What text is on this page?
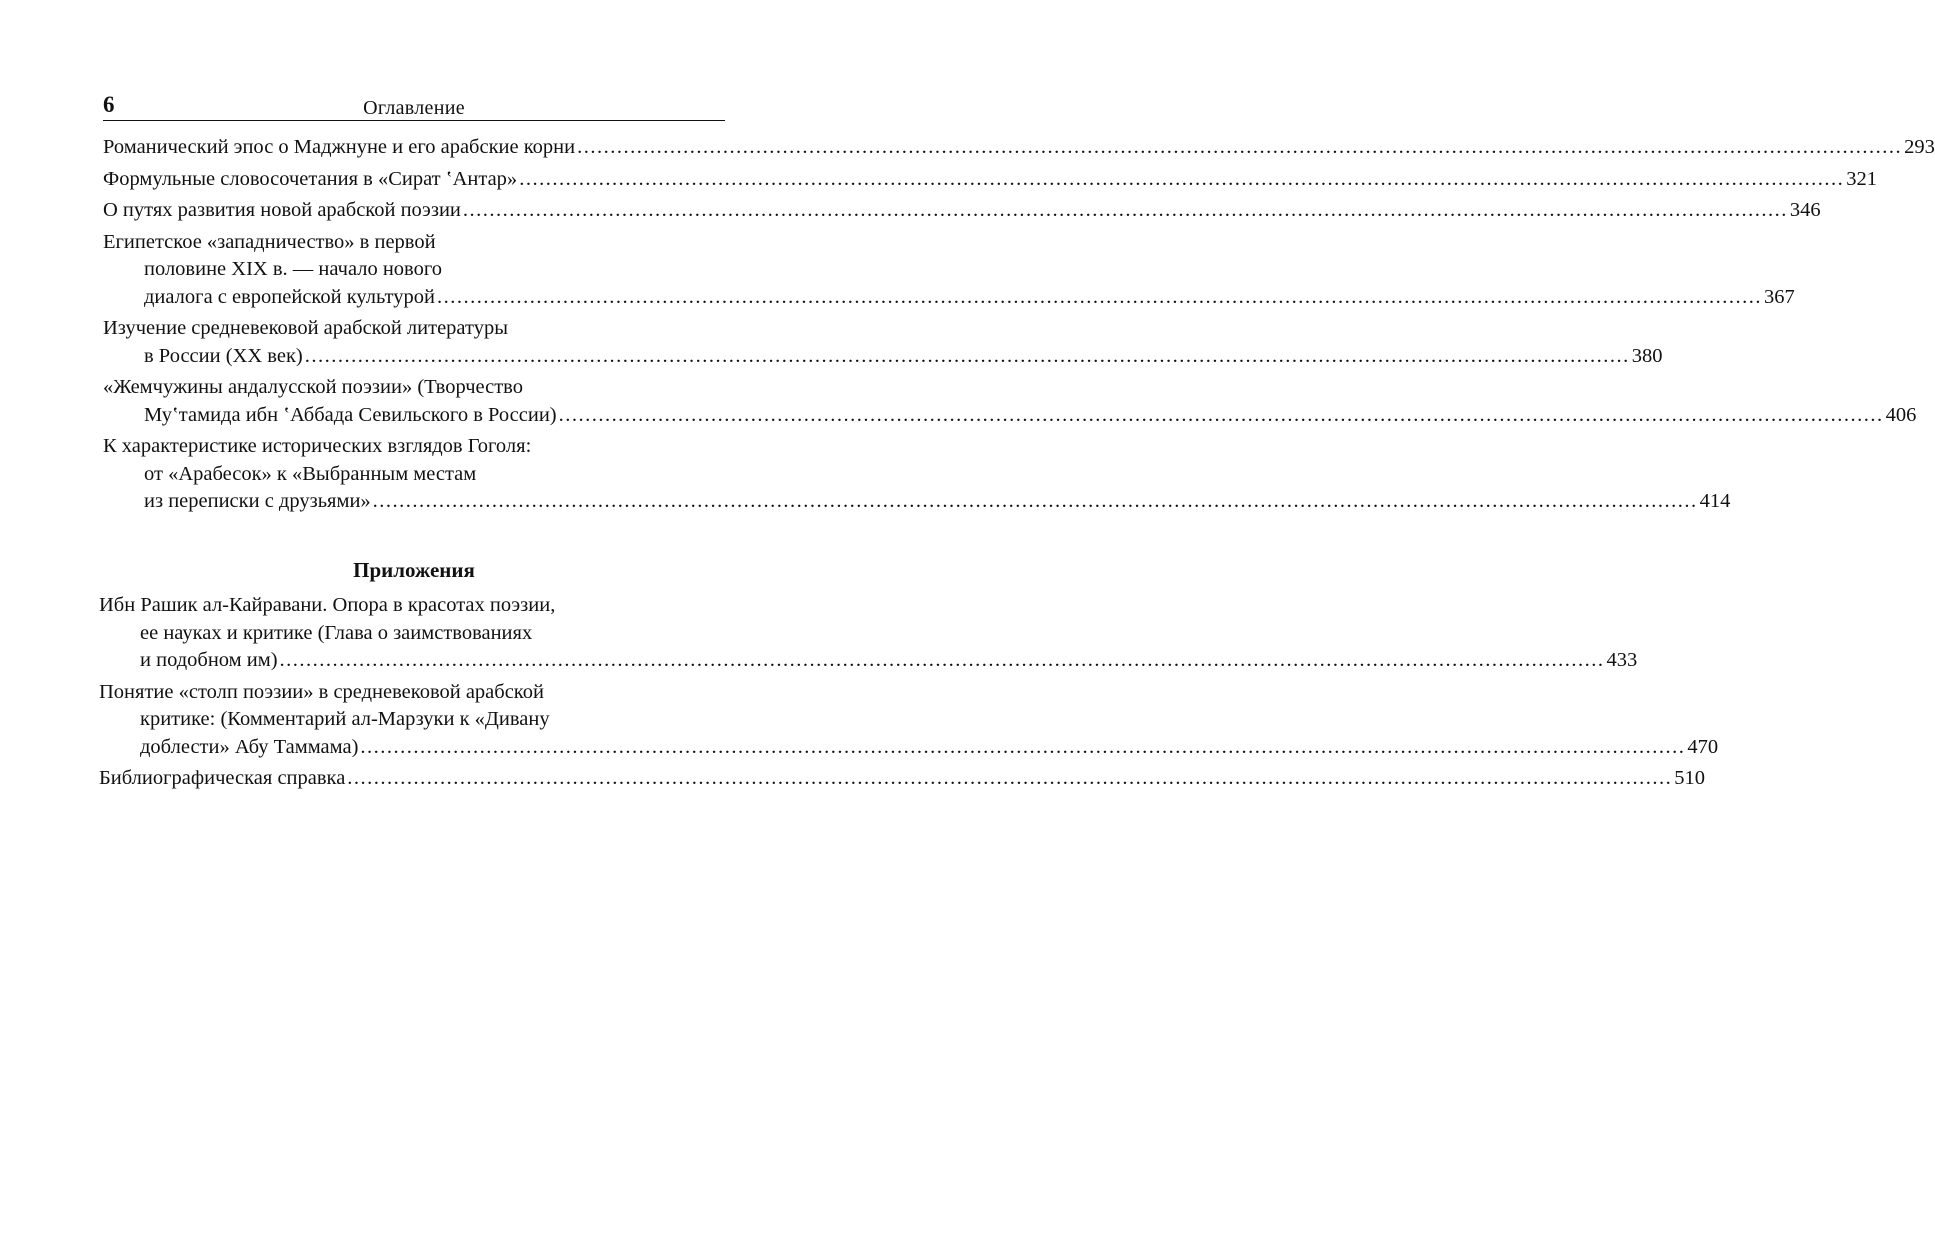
6	Оглавление
Романический эпос о Маджнуне и его арабские корни ........................................................................................................................................................................................................ 293
Формульные словосочетания в «Сират ʽАнтар» ........................................................................................................................................................................................................ 321
О путях развития новой арабской поэзии ........................................................................................................................................................................................................ 346
Египетское «западничество» в первой
половине XIX в. — начало нового
диалога с европейской культурой ........................................................................................................................................................................................................ 367
Изучение средневековой арабской литературы
в России (XX век) ........................................................................................................................................................................................................ 380
«Жемчужины андалусской поэзии» (Творчество
Муʽтамида ибн ʽАббада Севильского в России) ........................................................................................................................................................................................................ 406
К характеристике исторических взглядов Гоголя:
от «Арабесок» к «Выбранным местам
из переписки с друзьями» ........................................................................................................................................................................................................ 414
Приложения
Ибн Рашик ал-Кайравани. Опора в красотах поэзии,
ее науках и критике (Глава о заимствованиях
и подобном им) ........................................................................................................................................................................................................ 433
Понятие «столп поэзии» в средневековой арабской
критике: (Комментарий ал-Марзуки к «Дивану
доблести» Абу Таммама) ........................................................................................................................................................................................................ 470
Библиографическая справка ........................................................................................................................................................................................................ 510
